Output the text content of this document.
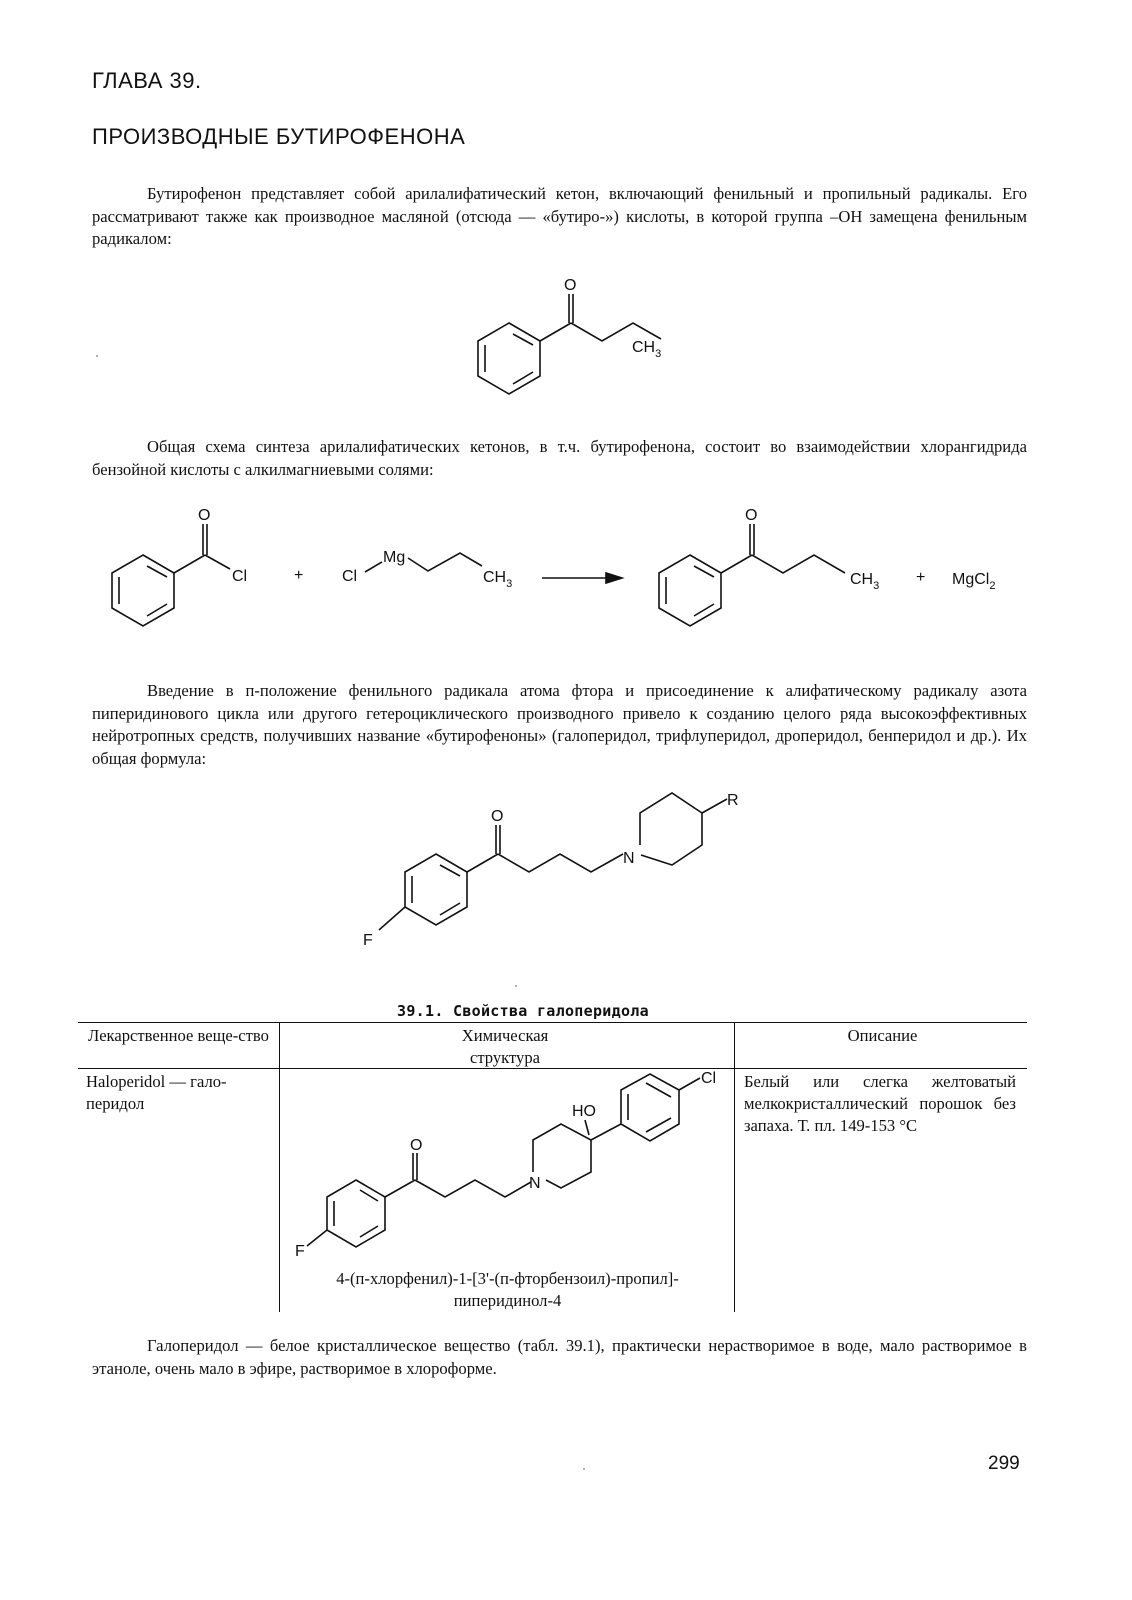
ГЛАВА 39.
ПРОИЗВОДНЫЕ БУТИРОФЕНОНА

Бутирофенон представляет собой арилалифатический кетон, включающий фенильный и пропильный радикалы. Его рассматривают также как производное масляной (отсюда — «бутиро-») кислоты, в которой группа –ОН замещена фенильным радикалом:

O
$CH_3$

Общая схема синтеза арилалифатических кетонов, в т.ч. бутирофенона, состоит во взаимодействии хлорангидрида бензойной кислоты с алкилмагниевыми солями:

O
Cl	+ Cl
Mg
$CH_3$
O
$CH_3$ + MgCl$_2$

Введение в п-положение фенильного радикала атома фтора и присоединение к алифатическому радикалу азота пиперидинового цикла или другого гетероциклического производного привело к созданию целого ряда высокоэффективных нейротропных средств, получивших название «бутирофеноны» (галоперидол, трифлуперидол, дроперидол, бенперидол и др.). Их общая формула:

F
O
N
R
39.1. Свойства галоперидола
Лекарственное веще-ство	Химическая структура
Описание
Haloperidol — гало-перидол
F
O
N
HO
Cl
4-(п-хлорфенил)-1-[3'-(п-фторбензоил)-пропил]-пиперидинол-4
Белый или слегка желтоватый мелкокристаллический порошок без запаха. Т. пл. 149-153 °С

Галоперидол — белое кристаллическое вещество (табл. 39.1), практически нерастворимое в воде, мало растворимое в этаноле, очень мало в эфире, растворимое в хлороформе.

299
